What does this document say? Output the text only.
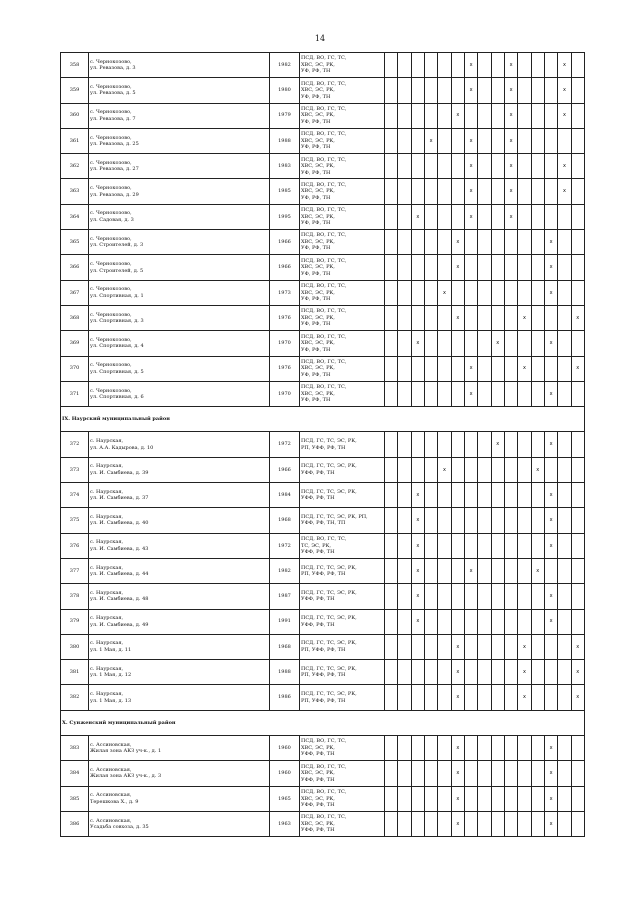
14
358	с. Чернокозово,
ул. Ревазова, д. 3	1982	ПСД, ВО, ГС, ТС,
ХВС, ЭС, РК,
УФ, РФ, ТН							x			x				x	
359	с. Чернокозово,
ул. Ревазова, д. 5	1980	ПСД, ВО, ГС, ТС,
ХВС, ЭС, РК,
УФ, РФ, ТН							x			x				x	
360	с. Чернокозово,
ул. Ревазова, д. 7	1979	ПСД, ВО, ГС, ТС,
ХВС, ЭС, РК,
УФ, РФ, ТН						x				x				x	
361	с. Чернокозово,
ул. Ревазова, д. 25	1988	ПСД, ВО, ГС, ТС,
ХВС, ЭС, РК,
УФ, РФ, ТН				x			x			x					
362	с. Чернокозово,
ул. Ревазова, д. 27	1983	ПСД, ВО, ГС, ТС,
ХВС, ЭС, РК,
УФ, РФ, ТН							x			x				x	
363	с. Чернокозово,
ул. Ревазова, д. 29	1985	ПСД, ВО, ГС, ТС,
ХВС, ЭС, РК,
УФ, РФ, ТН							x			x				x	
364	с. Чернокозово,
ул. Садовая, д. 3	1995	ПСД, ВО, ГС, ТС,
ХВС, ЭС, РК,
УФ, РФ, ТН			x				x			x					
365	с. Чернокозово,
ул. Строителей, д. 3	1966	ПСД, ВО, ГС, ТС,
ХВС, ЭС, РК,
УФ, РФ, ТН						x							x		
366	с. Чернокозово,
ул. Строителей, д. 5	1966	ПСД, ВО, ГС, ТС,
ХВС, ЭС, РК,
УФ, РФ, ТН						x							x		
367	с. Чернокозово,
ул. Спортивная, д. 1	1973	ПСД, ВО, ГС, ТС,
ХВС, ЭС, РК,
УФ, РФ, ТН					x								x		
368	с. Чернокозово,
ул. Спортивная, д. 3	1976	ПСД, ВО, ГС, ТС,
ХВС, ЭС, РК,
УФ, РФ, ТН						x					x				x
369	с. Чернокозово,
ул. Спортивная, д. 4	1970	ПСД, ВО, ГС, ТС,
ХВС, ЭС, РК,
УФ, РФ, ТН			x						x				x		
370	с. Чернокозово,
ул. Спортивная, д. 5	1976	ПСД, ВО, ГС, ТС,
ХВС, ЭС, РК,
УФ, РФ, ТН							x				x				x
371	с. Чернокозово,
ул. Спортивная, д. 6	1970	ПСД, ВО, ГС, ТС,
ХВС, ЭС, РК,
УФ, РФ, ТН							x						x		
IX. Наурский муниципальный район																		
372	с. Наурская,
ул. А.А. Кадырова, д. 10	1972	ПСД, ГС, ТС, ЭС, РК,
РП, УФФ, РФ, ТН									x				x		
373	с. Наурская,
ул. И. Самбиева, д. 39	1966	ПСД, ГС, ТС, ЭС, РК,
УФФ, РФ, ТН					x							x			
374	с. Наурская,
ул. И. Самбиева, д. 37	1984	ПСД, ГС, ТС, ЭС, РК,
УФФ, РФ, ТН			x										x		
375	с. Наурская,
ул. И. Самбиева, д. 40	1968	ПСД, ГС, ТС, ЭС, РК, РП,
УФФ, РФ, ТН, ТП			x										x		
376	с. Наурская,
ул. И. Самбиева, д. 43	1972	ПСД, ВО, ГС, ТС,
ТС, ЭС, РК,
УФФ, РФ, ТН			x										x		
377	с. Наурская,
ул. И. Самбиева, д. 44	1982	ПСД, ГС, ТС, ЭС, РК,
РП, УФФ, РФ, ТН			x				x					x			
378	с. Наурская,
ул. И. Самбиева, д. 48	1987	ПСД, ГС, ТС, ЭС, РК,
УФФ, РФ, ТН			x										x		
379	с. Наурская,
ул. И. Самбиева, д. 49	1991	ПСД, ГС, ТС, ЭС, РК,
УФФ, РФ, ТН			x										x		
380	с. Наурская,
ул. 1 Мая, д. 11	1968	ПСД, ГС, ТС, ЭС, РК,
РП, УФФ, РФ, ТН						x					x				x
381	с. Наурская,
ул. 1 Мая, д. 12	1988	ПСД, ГС, ТС, ЭС, РК,
РП, УФФ, РФ, ТН						x					x				x
382	с. Наурская,
ул. 1 Мая, д. 13	1986	ПСД, ГС, ТС, ЭС, РК,
РП, УФФ, РФ, ТН						x					x				x
X. Сунженский муниципальный район																		
383	с. Ассиновская,
Жилая зона АКЗ уч-к., д. 1	1960	ПСД, ВО, ГС, ТС,
ХВС, ЭС, РК,
УФФ, РФ, ТН						x							x		
384	с. Ассиновская,
Жилая зона АКЗ уч-к., д. 3	1960	ПСД, ВО, ГС, ТС,
ХВС, ЭС, РК,
УФФ, РФ, ТН						x							x		
385	с. Ассиновская,
Терешкова Х., д. 9	1965	ПСД, ВО, ГС, ТС,
ХВС, ЭС, РК,
УФФ, РФ, ТН						x							x		
386	с. Ассиновская,
Усадьба совхоза, д. 35	1963	ПСД, ВО, ГС, ТС,
ХВС, ЭС, РК,
УФФ, РФ, ТН						x							x		
